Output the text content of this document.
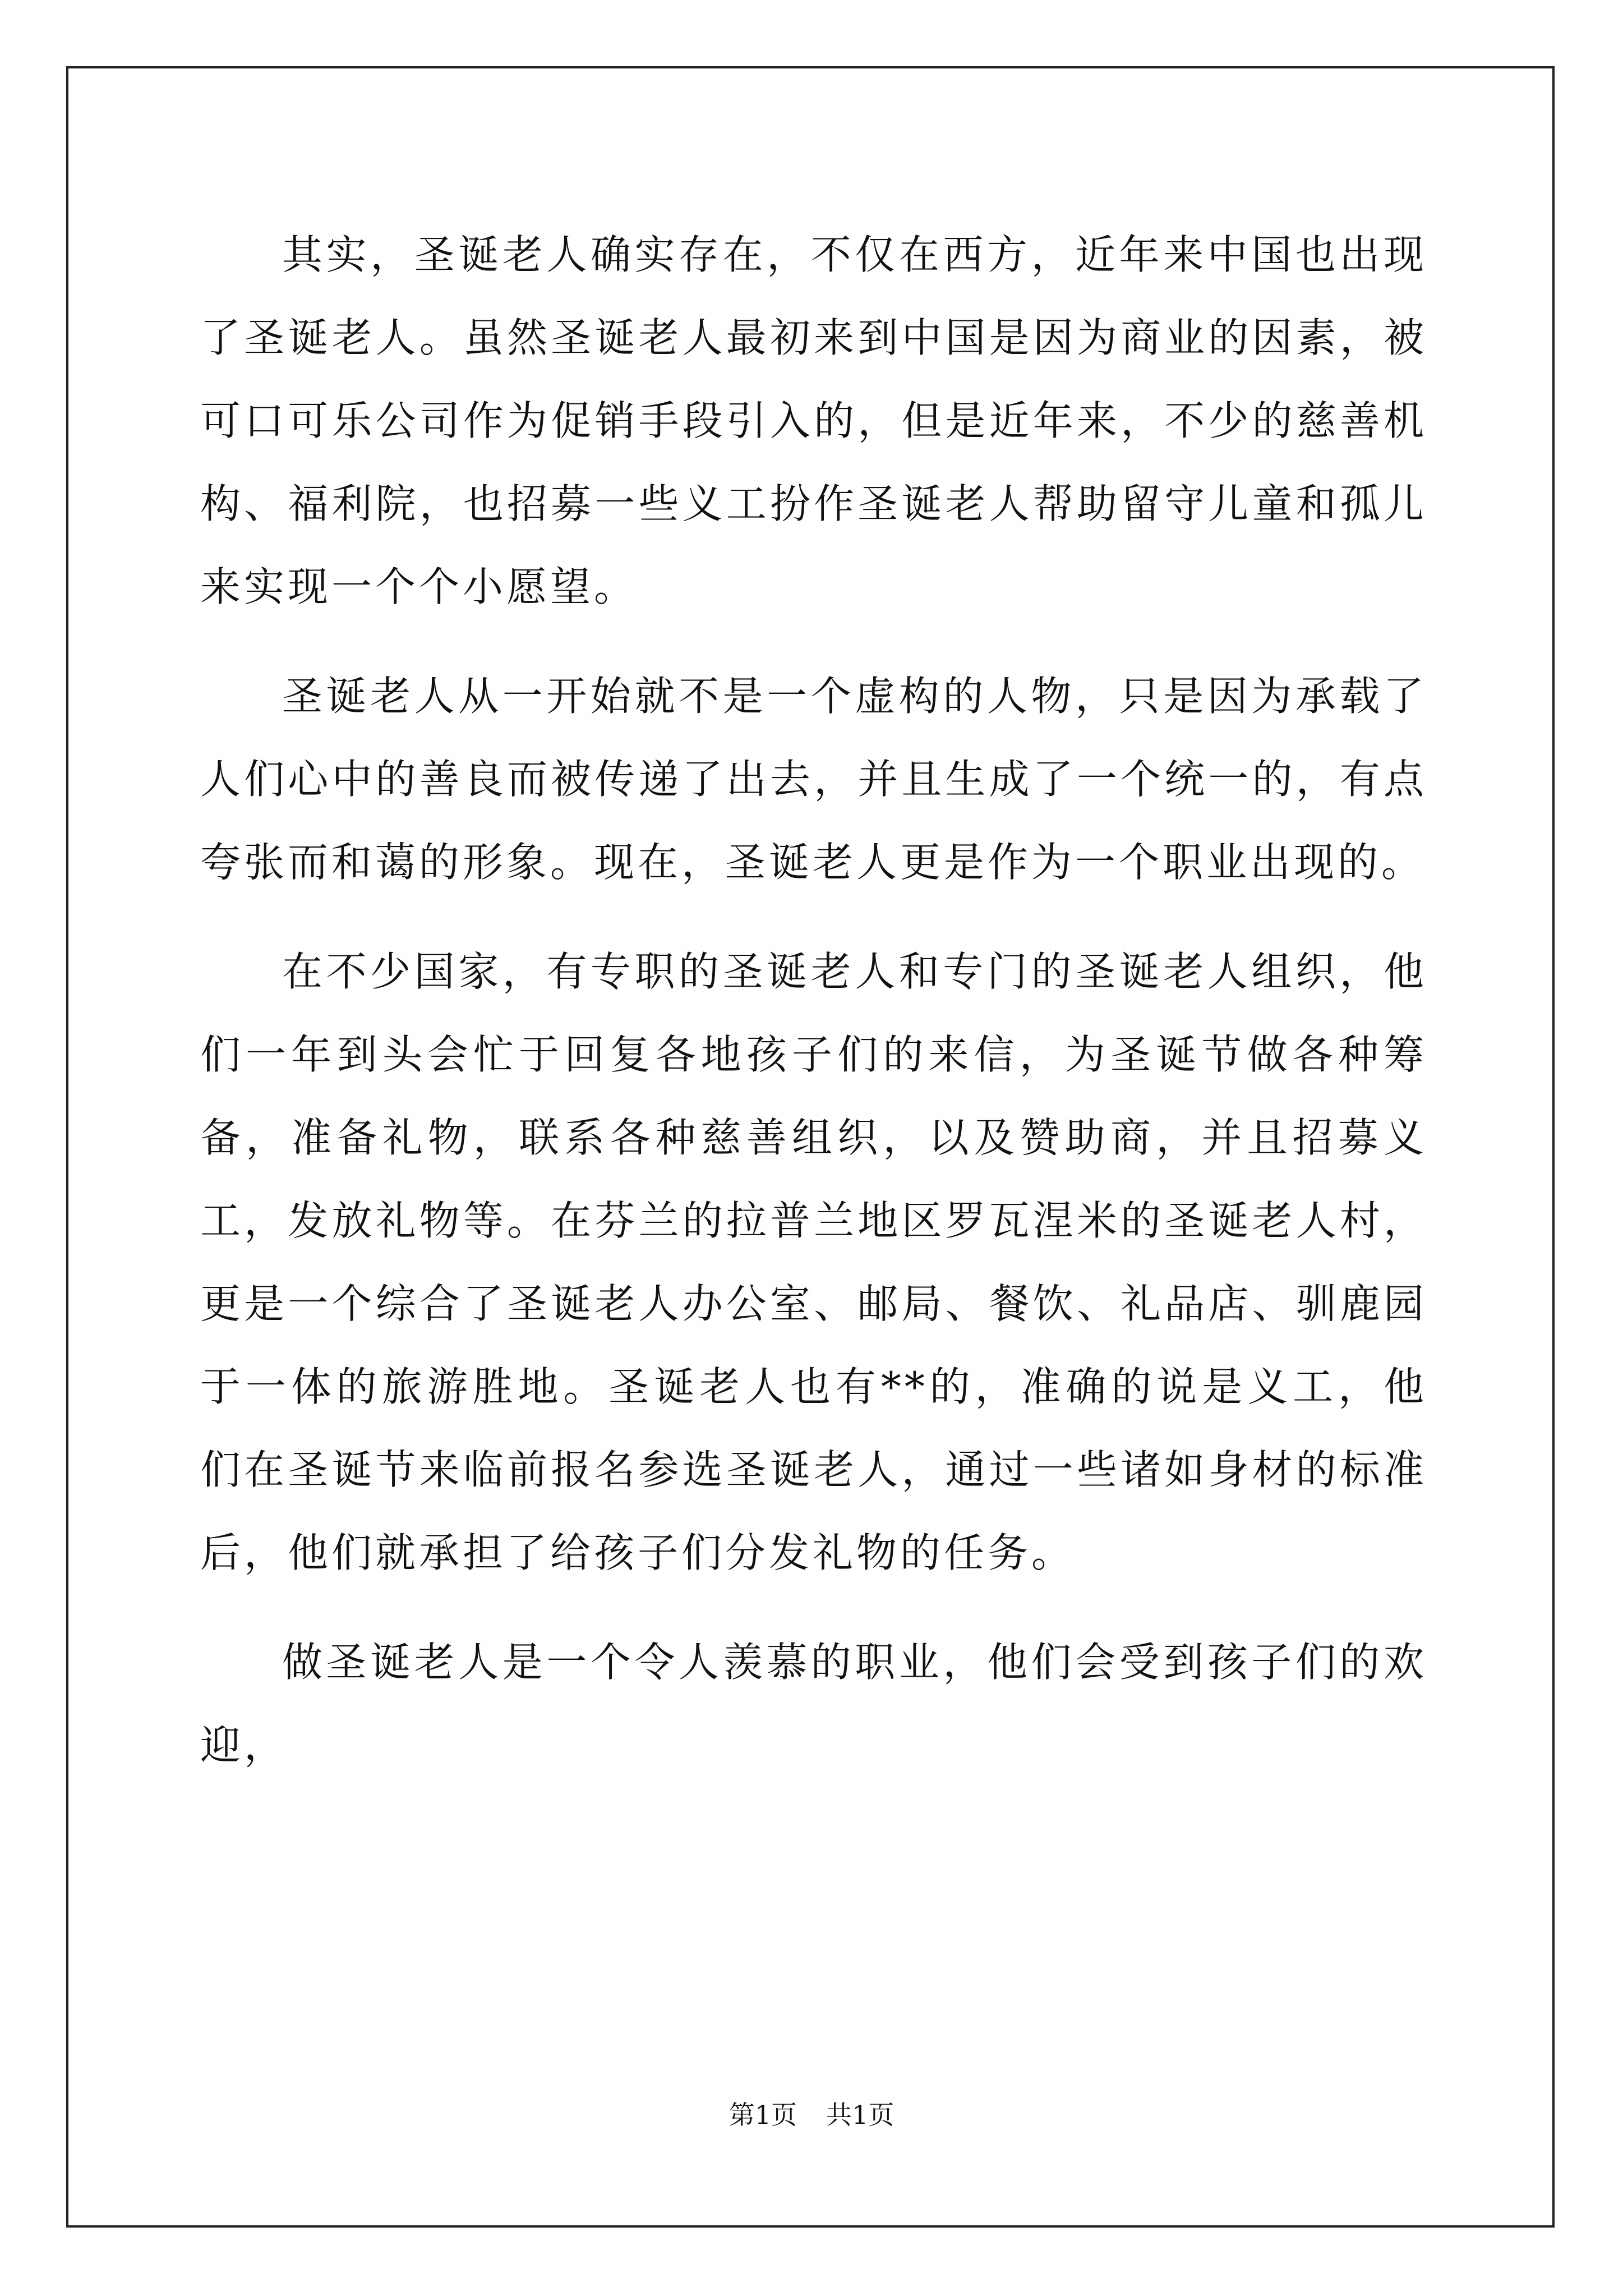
其实，圣诞老人确实存在，不仅在西方，近年来中国也出现了圣诞老人。虽然圣诞老人最初来到中国是因为商业的因素，被可口可乐公司作为促销手段引入的，但是近年来，不少的慈善机构、福利院，也招募一些义工扮作圣诞老人帮助留守儿童和孤儿来实现一个个小愿望。

圣诞老人从一开始就不是一个虚构的人物，只是因为承载了人们心中的善良而被传递了出去，并且生成了一个统一的，有点夸张而和蔼的形象。现在，圣诞老人更是作为一个职业出现的。

在不少国家，有专职的圣诞老人和专门的圣诞老人组织，他们一年到头会忙于回复各地孩子们的来信，为圣诞节做各种筹备，准备礼物，联系各种慈善组织，以及赞助商，并且招募义工，发放礼物等。在芬兰的拉普兰地区罗瓦涅米的圣诞老人村，更是一个综合了圣诞老人办公室、邮局、餐饮、礼品店、驯鹿园于一体的旅游胜地。圣诞老人也有**的，准确的说是义工，他们在圣诞节来临前报名参选圣诞老人，通过一些诸如身材的标准后，他们就承担了给孩子们分发礼物的任务。

做圣诞老人是一个令人羡慕的职业，他们会受到孩子们的欢迎，

第1页 共1页
